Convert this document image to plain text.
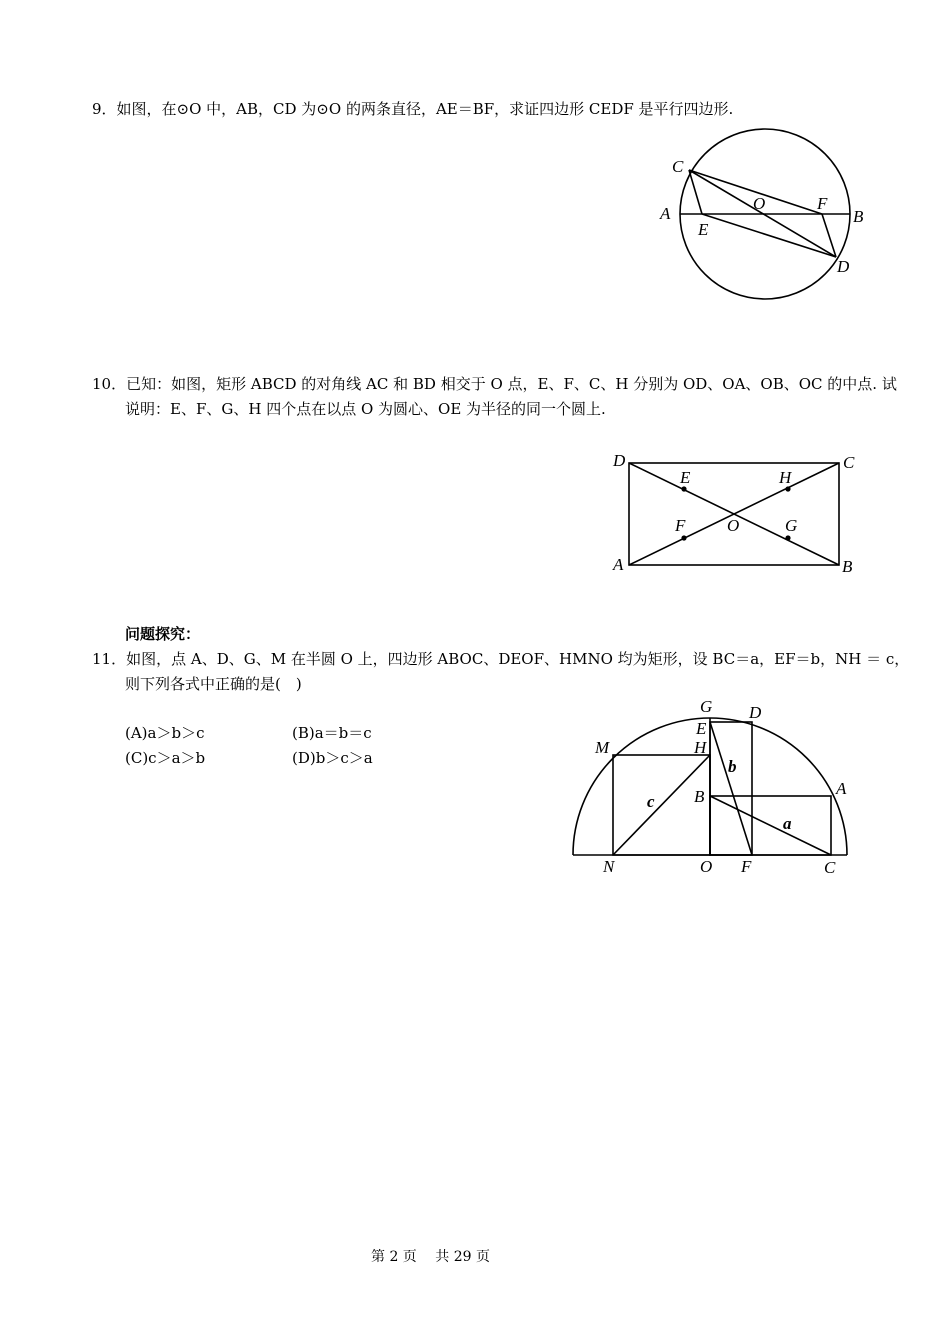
9．如图，在⊙O 中，AB，CD 为⊙O 的两条直径，AE＝BF，求证四边形 CEDF 是平行四边形.
C
A
E
O	F
B
D
10．已知：如图，矩形 ABCD 的对角线 AC 和 BD 相交于 O 点，E、F、C、H 分别为 OD、OA、OB、OC 的中点. 试
说明：E、F、G、H 四个点在以点 O 为圆心、OE 为半径的同一个圆上.
D	C
E	H
F O	G
A	B
问题探究：
11．如图，点 A、D、G、M 在半圆 O 上，四边形 ABOC、DEOF、HMNO 均为矩形，设 BC＝a，EF＝b，NH ＝ c，
则下列各式中正确的是(　)
(A)a＞b＞c	(B)a＝b＝c
(C)c＞a＞b	(D)b＞c＞a
G D
E
H
M
b
A
B
c
a
N	O F	C
第 2 页　 共 29 页
